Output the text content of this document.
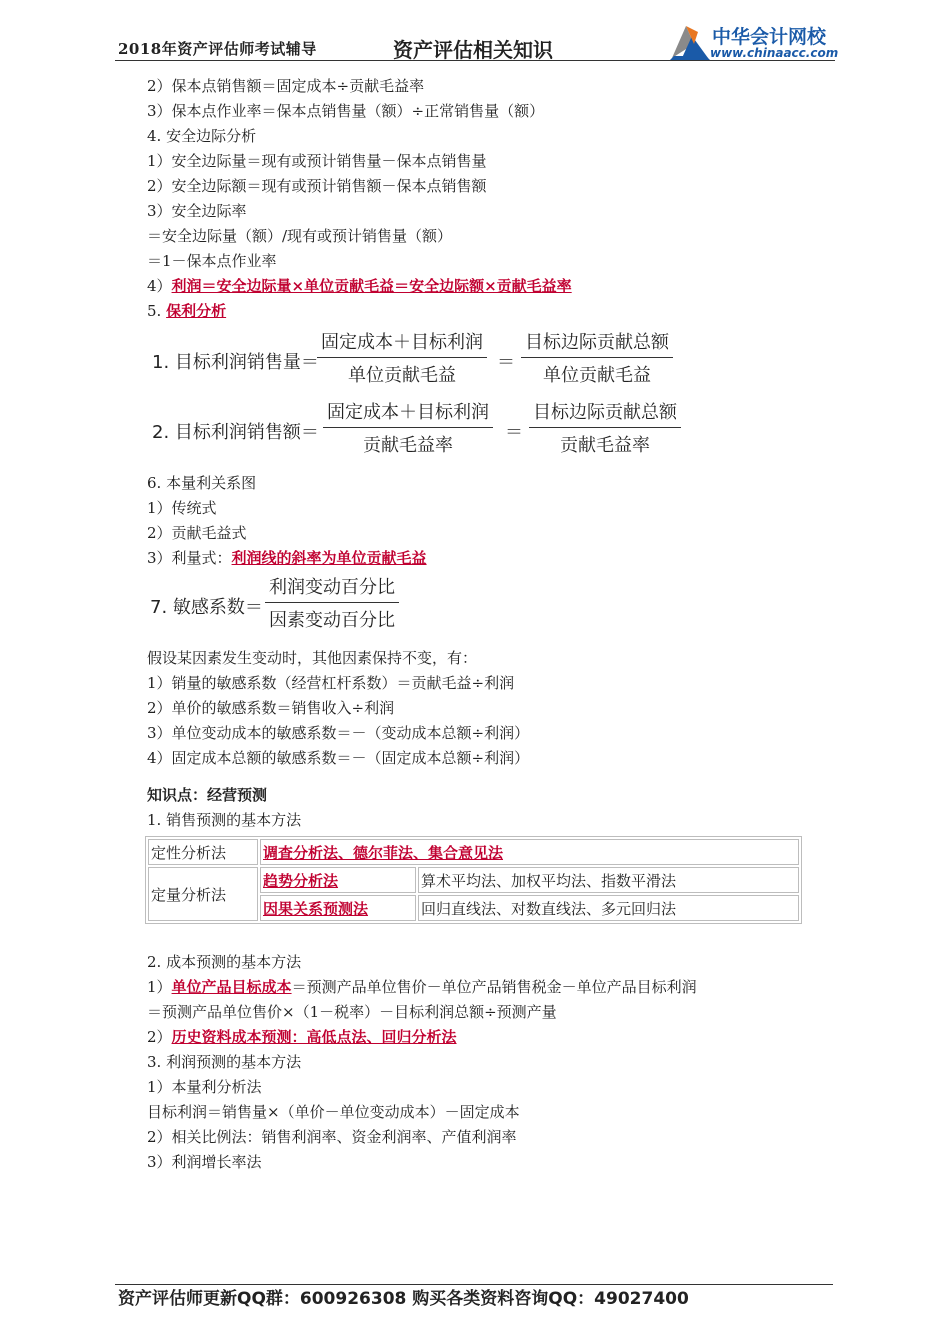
2018年资产评估师考试辅导	资产评估相关知识
中华会计网校
www.chinaacc.com
2）保本点销售额＝固定成本÷贡献毛益率
3）保本点作业率＝保本点销售量（额）÷正常销售量（额）
4. 安全边际分析
1）安全边际量＝现有或预计销售量－保本点销售量
2）安全边际额＝现有或预计销售额－保本点销售额
3）安全边际率
＝安全边际量（额）/现有或预计销售量（额）
＝1－保本点作业率
4）利润＝安全边际量×单位贡献毛益＝安全边际额×贡献毛益率
5. 保利分析
1. 目标利润销售量＝
固定成本＋目标利润
单位贡献毛益
＝
目标边际贡献总额
单位贡献毛益
2. 目标利润销售额＝
固定成本＋目标利润
贡献毛益率
＝
目标边际贡献总额
贡献毛益率
6. 本量利关系图
1）传统式
2）贡献毛益式
3）利量式：利润线的斜率为单位贡献毛益
7. 敏感系数＝
利润变动百分比
因素变动百分比
假设某因素发生变动时，其他因素保持不变，有：
1）销量的敏感系数（经营杠杆系数）＝贡献毛益÷利润
2）单价的敏感系数＝销售收入÷利润
3）单位变动成本的敏感系数＝－（变动成本总额÷利润）
4）固定成本总额的敏感系数＝－（固定成本总额÷利润）
知识点：经营预测
1. 销售预测的基本方法
定性分析法	调查分析法、德尔菲法、集合意见法	
定量分析法	趋势分析法	算术平均法、加权平均法、指数平滑法
	因果关系预测法	回归直线法、对数直线法、多元回归法
2. 成本预测的基本方法
1）单位产品目标成本＝预测产品单位售价－单位产品销售税金－单位产品目标利润
＝预测产品单位售价×（1－税率）－目标利润总额÷预测产量
2）历史资料成本预测：高低点法、回归分析法
3. 利润预测的基本方法
1）本量利分析法
目标利润＝销售量×（单价－单位变动成本）－固定成本
2）相关比例法：销售利润率、资金利润率、产值利润率
3）利润增长率法
资产评估师更新QQ群：600926308 购买各类资料咨询QQ：49027400
